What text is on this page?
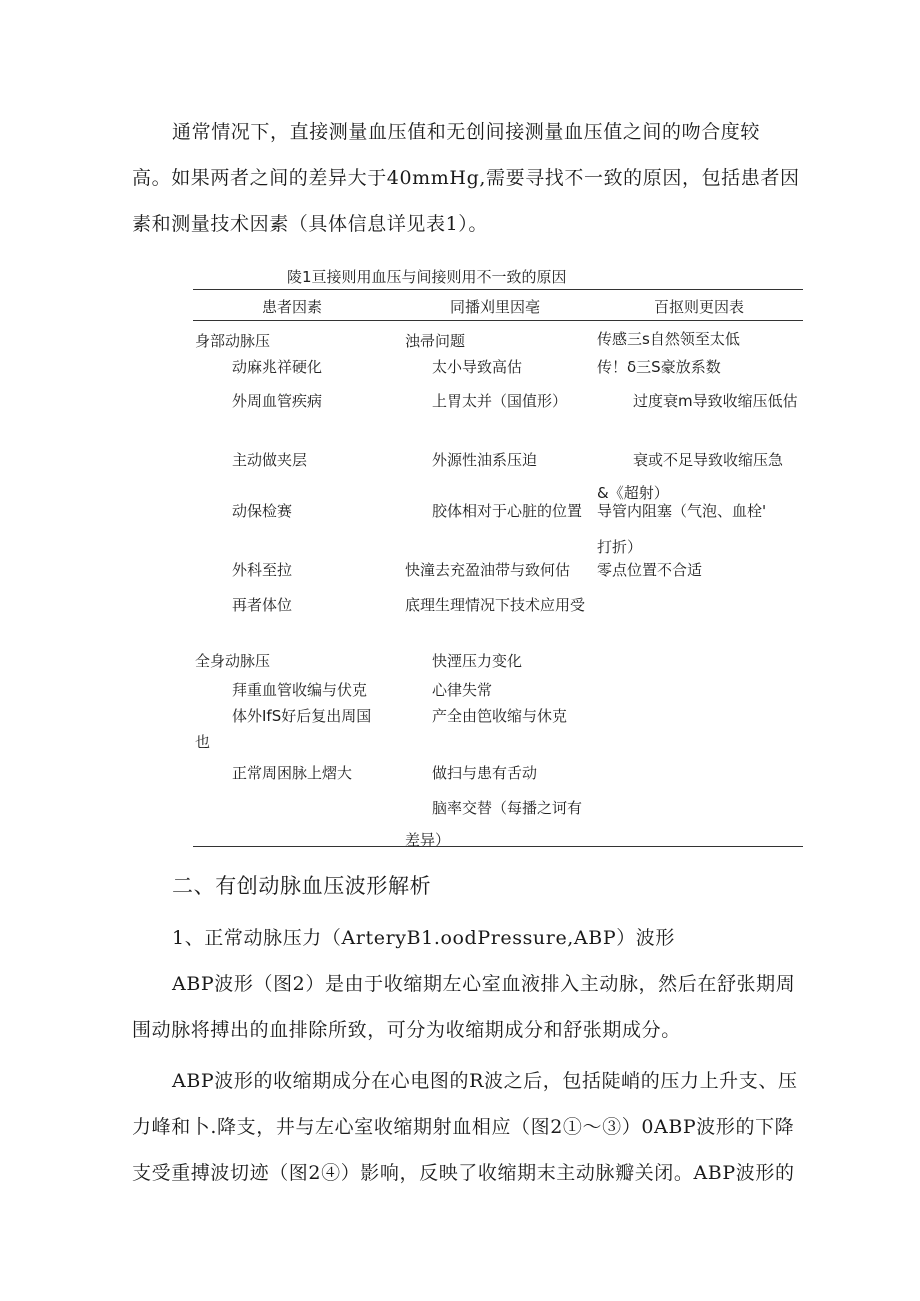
通常情况下，直接测量血压值和无创间接测量血压值之间的吻合度较
高。如果两者之间的差异大于40mmHg,需要寻找不一致的原因，包括患者因
素和测量技术因素（具体信息详见表1）。
陵1亘接则用血压与间接则用不一致的原因
患者因素	同播刈里因亳	百抠则更因表
身部动脉压
动麻兆祥硬化
外周血管疾病
主动做夹层
动保检赛
外科至拉
再者体位
全身动脉压
拜重血管收编与伏克
体外IfS好后复出周国
也
正常周困脉上熠大
浊帚问题
太小导致高估
上胃太并（国值形）
外源性油系压迫
胶体相对于心脏的位置
快潼去充盈油带与致何估
底理生理情况下技术应用受
快湮压力变化
心律失常
产全由笆收缩与休克
做扫与患有舌动
脑率交替（每播之诃有
差异）
传感三s自然领至太低
传！δ三S豪放系数
过度衰m导致收缩压低估
衰或不足导致收缩压急
&《超射）
导管内阻塞（气泡、血栓'
打折）
零点位置不合适
二、有创动脉血压波形解析
1、正常动脉压力（ArteryB1.oodPressure,ABP）波形
ABP波形（图2）是由于收缩期左心室血液排入主动脉，然后在舒张期周
围动脉将搏出的血排除所致，可分为收缩期成分和舒张期成分。
ABP波形的收缩期成分在心电图的R波之后，包括陡峭的压力上升支、压
力峰和卜.降支，井与左心室收缩期射血相应（图2①～③）0ABP波形的下降
支受重搏波切迹（图2④）影响，反映了收缩期末主动脉瓣关闭。ABP波形的
